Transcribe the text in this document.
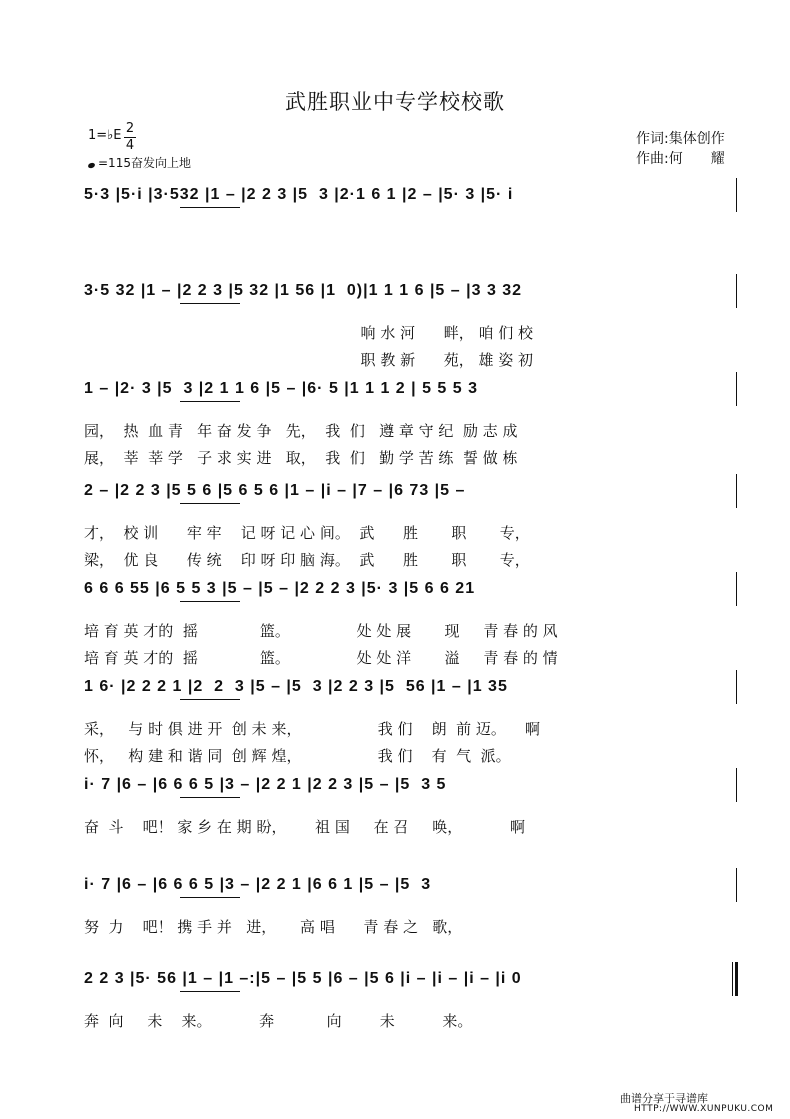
武胜职业中专学校校歌
1=♭E 2
4
=115奋发向上地
作词:集体创作
作曲:何　　耀
5·3 |5·i |3·532 |1 – |2 2 3 |5  3 |2·1 6 1 |2 – |5· 3 |5· i
3·5 32 |1 – |2 2 3 |5 32 |1 56 |1  0)|1 1 1 6 |5 – |3 3 32
响 水 河      畔， 咱 们 校
职 教 新      苑， 雄 姿 初
1 – |2· 3 |5  3 |2 1 1 6 |5 – |6· 5 |1 1 1 2 | 5 5 5 3
园，  热  血 青   年 奋 发 争   先，  我  们   遵 章 守 纪  励 志 成
展，  莘  莘 学   子 求 实 进   取，  我  们   勤 学 苦 练  誓 做 栋
2 – |2 2 3 |5 5 6 |5 6 5 6 |1 – |i – |7 – |6 73 |5 –
才，  校 训      牢 牢    记 呀 记 心 间。  武      胜       职       专，
梁，  优 良      传 统    印 呀 印 脑 海。  武      胜       职       专，
6 6 6 55 |6 5 5 3 |5 – |5 – |2 2 2 3 |5· 3 |5 6 6 21
培 育 英 才的  摇             篮。              处 处 展       现     青 春 的 风
培 育 英 才的  摇             篮。              处 处 洋       溢     青 春 的 情
1 6· |2 2 2 1 |2  2  3 |5 – |5  3 |2 2 3 |5  56 |1 – |1 35
采，   与 时 俱 进 开  创 未 来，                我 们    朗  前 迈。    啊
怀，   构 建 和 谐 同  创 辉 煌，                我 们    有  气  派。
i· 7 |6 – |6 6 6 5 |3 – |2 2 1 |2 2 3 |5 – |5  3 5
奋  斗    吧！ 家 乡 在 期 盼，      祖 国     在 召     唤，          啊
i· 7 |6 – |6 6 6 5 |3 – |2 2 1 |6 6 1 |5 – |5  3
努  力    吧！ 携 手 并   进，     高 唱      青 春 之   歌，
2 2 3 |5· 56 |1 – |1 –:|5 – |5 5 |6 – |5 6 |i – |i – |i – |i 0
奔  向     未    来。          奔           向        未          来。
曲谱分享于寻谱库
HTTP://WWW.XUNPUKU.COM
